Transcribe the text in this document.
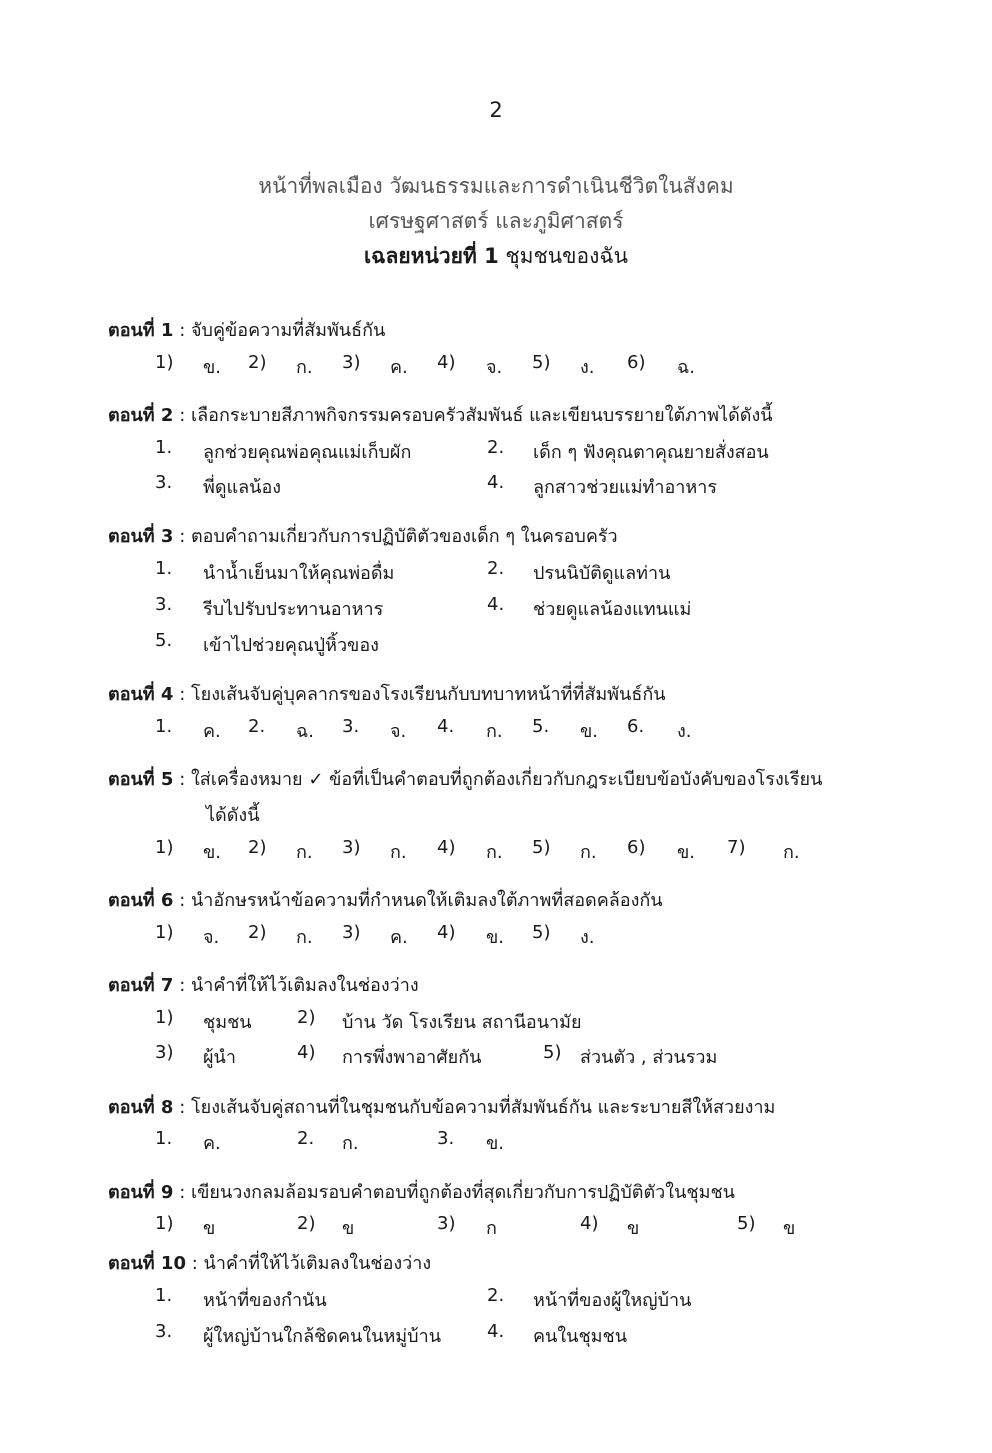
2
หน้าที่พลเมือง วัฒนธรรมและการดำเนินชีวิตในสังคม
เศรษฐศาสตร์ และภูมิศาสตร์
เฉลยหน่วยที่ 1 ชุมชนของฉัน
ตอนที่ 1 : จับคู่ข้อความที่สัมพันธ์กัน
1) ข. 2) ก. 3) ค. 4) จ. 5) ง. 6) ฉ.
ตอนที่ 2 : เลือกระบายสีภาพกิจกรรมครอบครัวสัมพันธ์ และเขียนบรรยายใต้ภาพได้ดังนี้
1. ลูกช่วยคุณพ่อคุณแม่เก็บผัก	2. เด็ก ๆ ฟังคุณตาคุณยายสั่งสอน
3. พี่ดูแลน้อง	4. ลูกสาวช่วยแม่ทำอาหาร
ตอนที่ 3 : ตอบคำถามเกี่ยวกับการปฏิบัติตัวของเด็ก ๆ ในครอบครัว
1. นำน้ำเย็นมาให้คุณพ่อดื่ม	2. ปรนนิบัติดูแลท่าน
3. รีบไปรับประทานอาหาร	4. ช่วยดูแลน้องแทนแม่
5. เข้าไปช่วยคุณปู่หิ้วของ
ตอนที่ 4 : โยงเส้นจับคู่บุคลากรของโรงเรียนกับบทบาทหน้าที่ที่สัมพันธ์กัน
1. ค. 2. ฉ. 3. จ. 4. ก. 5. ข. 6. ง.
ตอนที่ 5 : ใส่เครื่องหมาย ✓ ข้อที่เป็นคำตอบที่ถูกต้องเกี่ยวกับกฎระเบียบข้อบังคับของโรงเรียน
ได้ดังนี้
1) ข. 2) ก. 3) ก. 4) ก. 5) ก. 6) ข. 7) ก.
ตอนที่ 6 : นำอักษรหน้าข้อความที่กำหนดให้เติมลงใต้ภาพที่สอดคล้องกัน
1) จ. 2) ก. 3) ค. 4) ข. 5) ง.
ตอนที่ 7 : นำคำที่ให้ไว้เติมลงในช่องว่าง
1) ชุมชน	2) บ้าน วัด โรงเรียน สถานีอนามัย
3) ผู้นำ	4) การพึ่งพาอาศัยกัน	5) ส่วนตัว , ส่วนรวม
ตอนที่ 8 : โยงเส้นจับคู่สถานที่ในชุมชนกับข้อความที่สัมพันธ์กัน และระบายสีให้สวยงาม
1. ค.	2. ก.	3. ข.
ตอนที่ 9 : เขียนวงกลมล้อมรอบคำตอบที่ถูกต้องที่สุดเกี่ยวกับการปฏิบัติตัวในชุมชน
1) ข	2) ข	3) ก	4) ข	5) ข
ตอนที่ 10 : นำคำที่ให้ไว้เติมลงในช่องว่าง
1. หน้าที่ของกำนัน	2. หน้าที่ของผู้ใหญ่บ้าน
3. ผู้ใหญ่บ้านใกล้ชิดคนในหมู่บ้าน	4. คนในชุมชน
